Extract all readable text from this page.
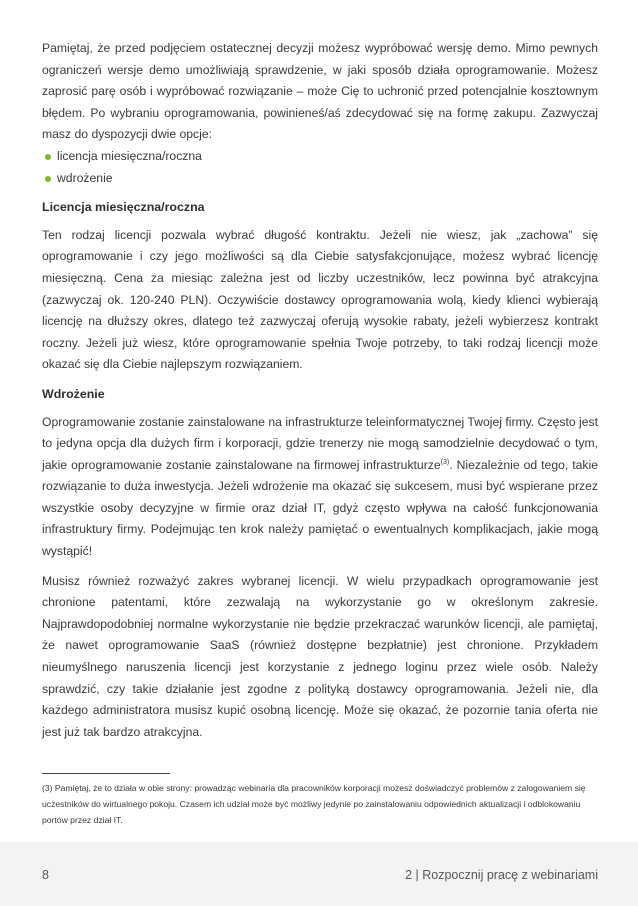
Pamiętaj, że przed podjęciem ostatecznej decyzji możesz wypróbować wersję demo. Mimo pewnych ograniczeń wersje demo umożliwiają sprawdzenie, w jaki sposób działa oprogramowanie. Możesz zaprosić parę osób i wypróbować rozwiązanie – może Cię to uchronić przed potencjalnie kosztownym błędem. Po wybraniu oprogramowania, powinieneś/aś zdecydować się na formę zakupu. Zazwyczaj masz do dyspozycji dwie opcje:

licencja miesięczna/roczna
wdrożenie
Licencja miesięczna/roczna

Ten rodzaj licencji pozwala wybrać długość kontraktu. Jeżeli nie wiesz, jak „zachowa” się oprogramowanie i czy jego możliwości są dla Ciebie satysfakcjonujące, możesz wybrać licencję miesięczną. Cena za miesiąc zależna jest od liczby uczestników, lecz powinna być atrakcyjna (zazwyczaj ok. 120-240 PLN). Oczywiście dostawcy oprogramowania wolą, kiedy klienci wybierają licencję na dłuższy okres, dlatego też zazwyczaj oferują wysokie rabaty, jeżeli wybierzesz kontrakt roczny. Jeżeli już wiesz, które oprogramowanie spełnia Twoje potrzeby, to taki rodzaj licencji może okazać się dla Ciebie najlepszym rozwiązaniem.

Wdrożenie

Oprogramowanie zostanie zainstalowane na infrastrukturze teleinformatycznej Twojej firmy. Często jest to jedyna opcja dla dużych firm i korporacji, gdzie trenerzy nie mogą samodzielnie decydować o tym, jakie oprogramowanie zostanie zainstalowane na firmowej infrastrukturze$^{(3)}$. Niezależnie od tego, takie rozwiązanie to duża inwestycja. Jeżeli wdrożenie ma okazać się sukcesem, musi być wspierane przez wszystkie osoby decyzyjne w firmie oraz dział IT, gdyż często wpływa na całość funkcjonowania infrastruktury firmy. Podejmując ten krok należy pamiętać o ewentualnych komplikacjach, jakie mogą wystąpić!

Musisz również rozważyć zakres wybranej licencji. W wielu przypadkach oprogramowanie jest chronione patentami, które zezwalają na wykorzystanie go w określonym zakresie. Najprawdopodobniej normalne wykorzystanie nie będzie przekraczać warunków licencji, ale pamiętaj, że nawet oprogramowanie SaaS (również dostępne bezpłatnie) jest chronione. Przykładem nieumyślnego naruszenia licencji jest korzystanie z jednego loginu przez wiele osób. Należy sprawdzić, czy takie działanie jest zgodne z polityką dostawcy oprogramowania. Jeżeli nie, dla każdego administratora musisz kupić osobną licencję. Może się okazać, że pozornie tania oferta nie jest już tak bardzo atrakcyjna.

(3) Pamiętaj, że to działa w obie strony: prowadząc webinaria dla pracowników korporacji możesz doświadczyć problemów z zalogowaniem się uczestników do wirtualnego pokoju. Czasem ich udział może być możliwy jedynie po zainstalowaniu odpowiednich aktualizacji i odblokowaniu portów przez dział IT.
8	2 | Rozpocznij pracę z webinariami
